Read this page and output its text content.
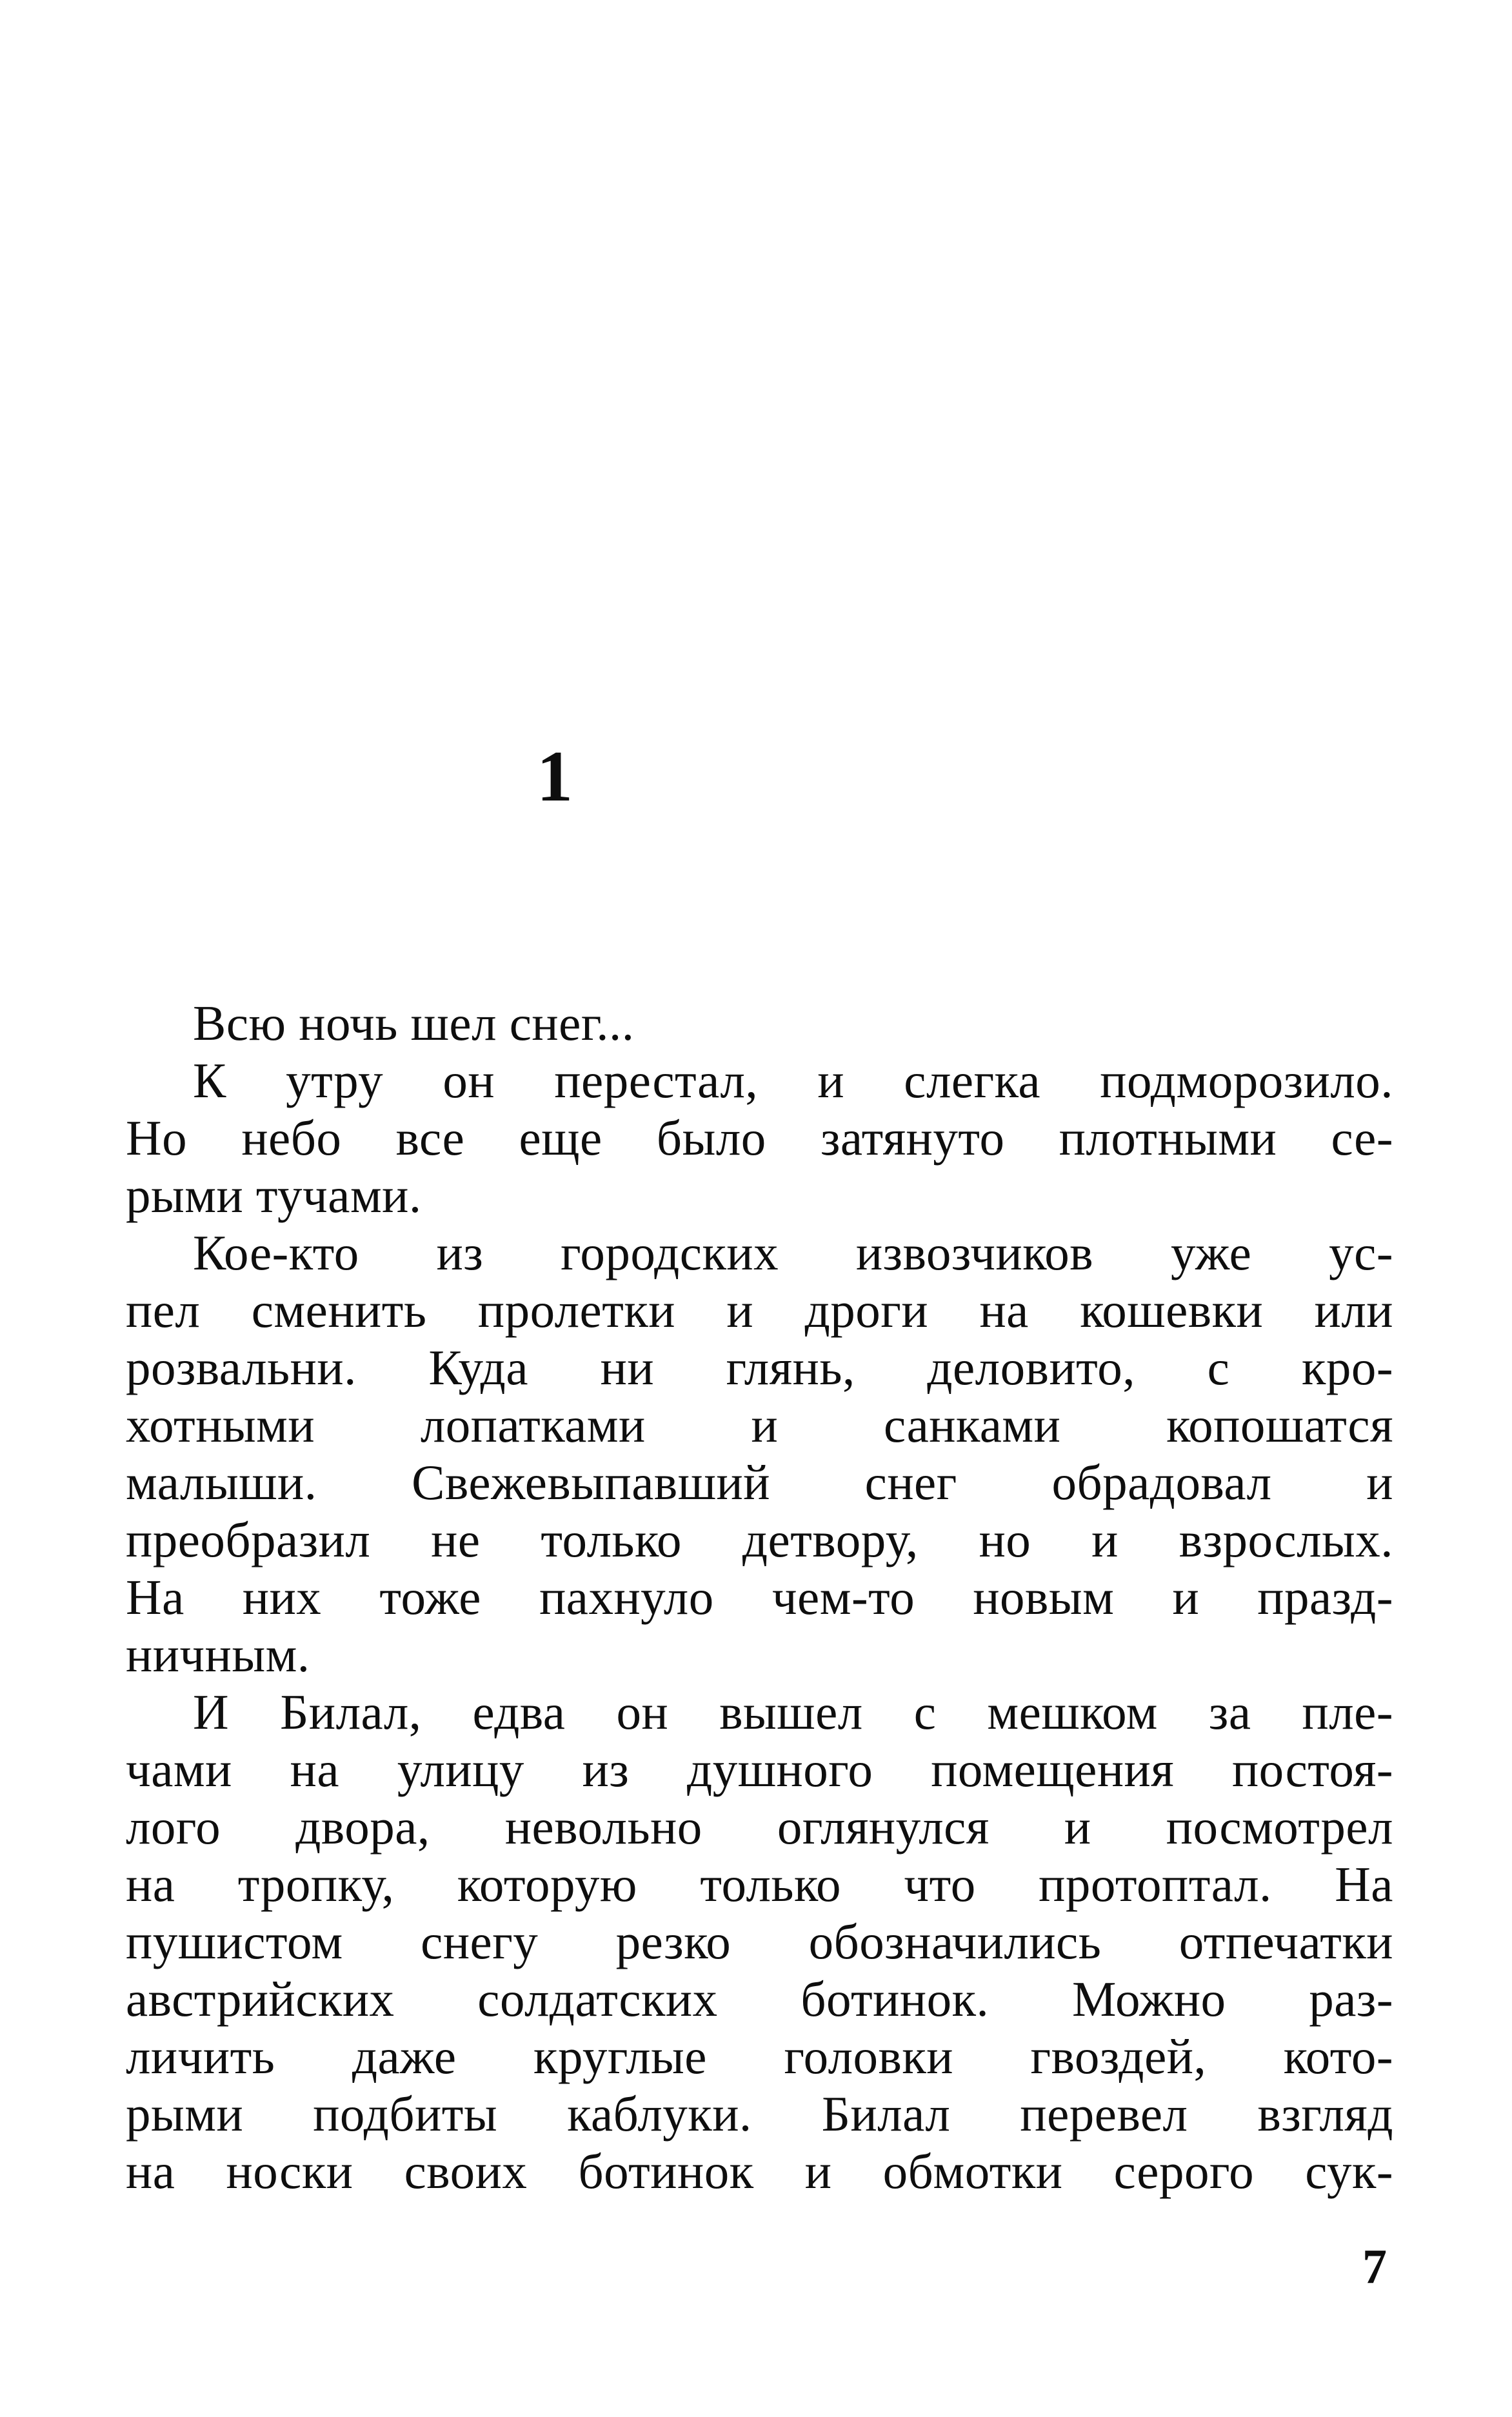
1
Всю ночь шел снег...
К утру он перестал, и слегка подморозило.
Но небо все еще было затянуто плотными се-
рыми тучами.
Кое-кто из городских извозчиков уже ус-
пел сменить пролетки и дроги на кошевки или
розвальни. Куда ни глянь, деловито, с кро-
хотными лопатками и санками копошатся
малыши. Свежевыпавший снег обрадовал и
преобразил не только детвору, но и взрослых.
На них тоже пахнуло чем-то новым и празд-
ничным.
И Билал, едва он вышел с мешком за пле-
чами на улицу из душного помещения постоя-
лого двора, невольно оглянулся и посмотрел
на тропку, которую только что протоптал. На
пушистом снегу резко обозначились отпечатки
австрийских солдатских ботинок. Можно раз-
личить даже круглые головки гвоздей, кото-
рыми подбиты каблуки. Билал перевел взгляд
на носки своих ботинок и обмотки серого сук-
7
